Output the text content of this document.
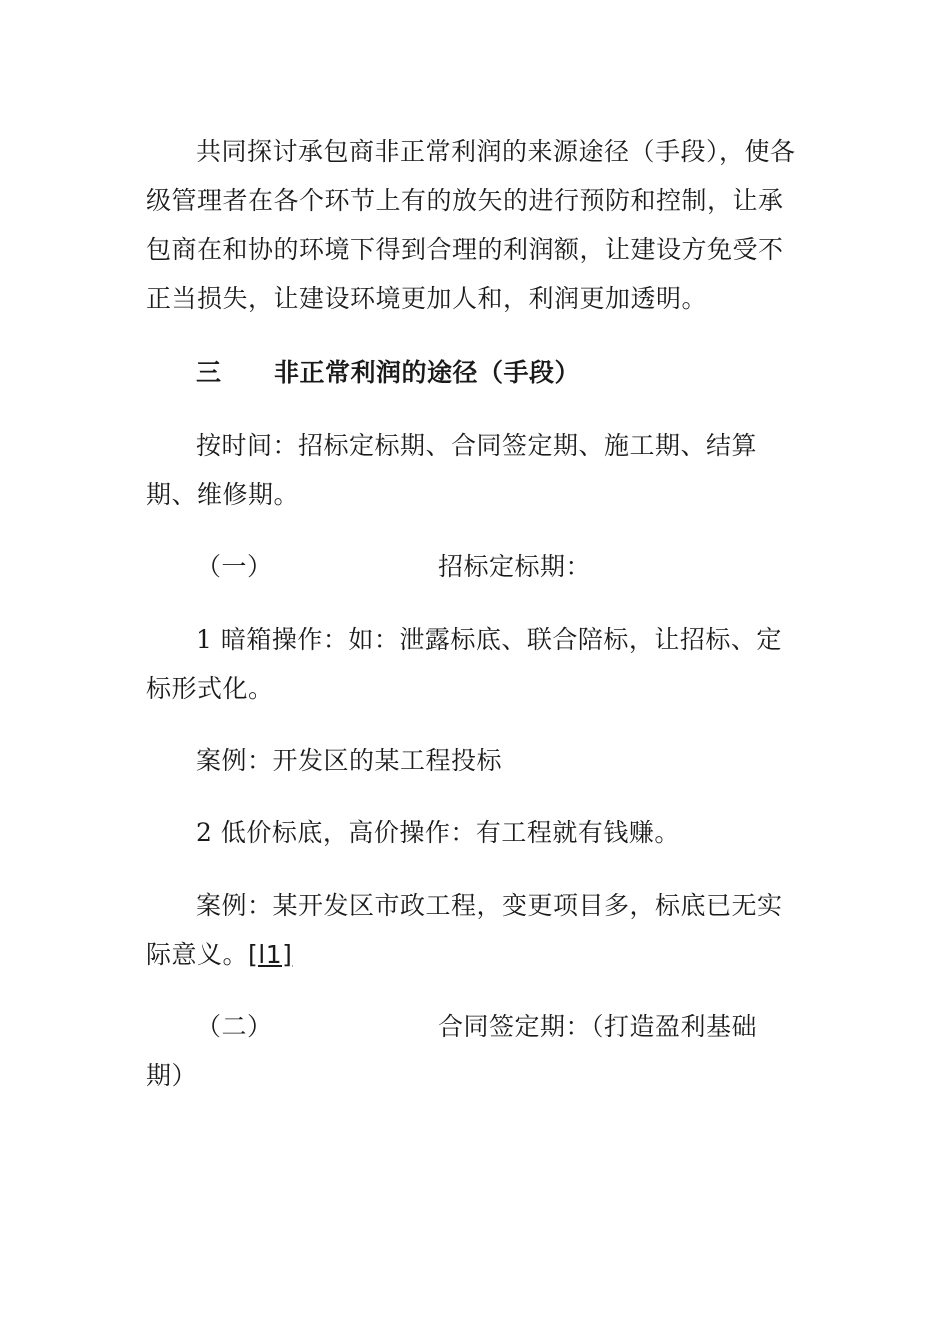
共同探讨承包商非正常利润的来源途径（手段），使各级管理者在各个环节上有的放矢的进行预防和控制，让承包商在和协的环境下得到合理的利润额，让建设方免受不正当损失，让建设环境更加人和，利润更加透明。

三 非正常利润的途径（手段）

按时间：招标定标期、合同签定期、施工期、结算期、维修期。

（一）	招标定标期：

1 暗箱操作：如：泄露标底、联合陪标，让招标、定标形式化。

案例：开发区的某工程投标
2 低价标底，高价操作：有工程就有钱赚。

案例：某开发区市政工程，变更项目多，标底已无实际意义。[l1]

（二）	合同签定期：（打造盈利基础
期）
